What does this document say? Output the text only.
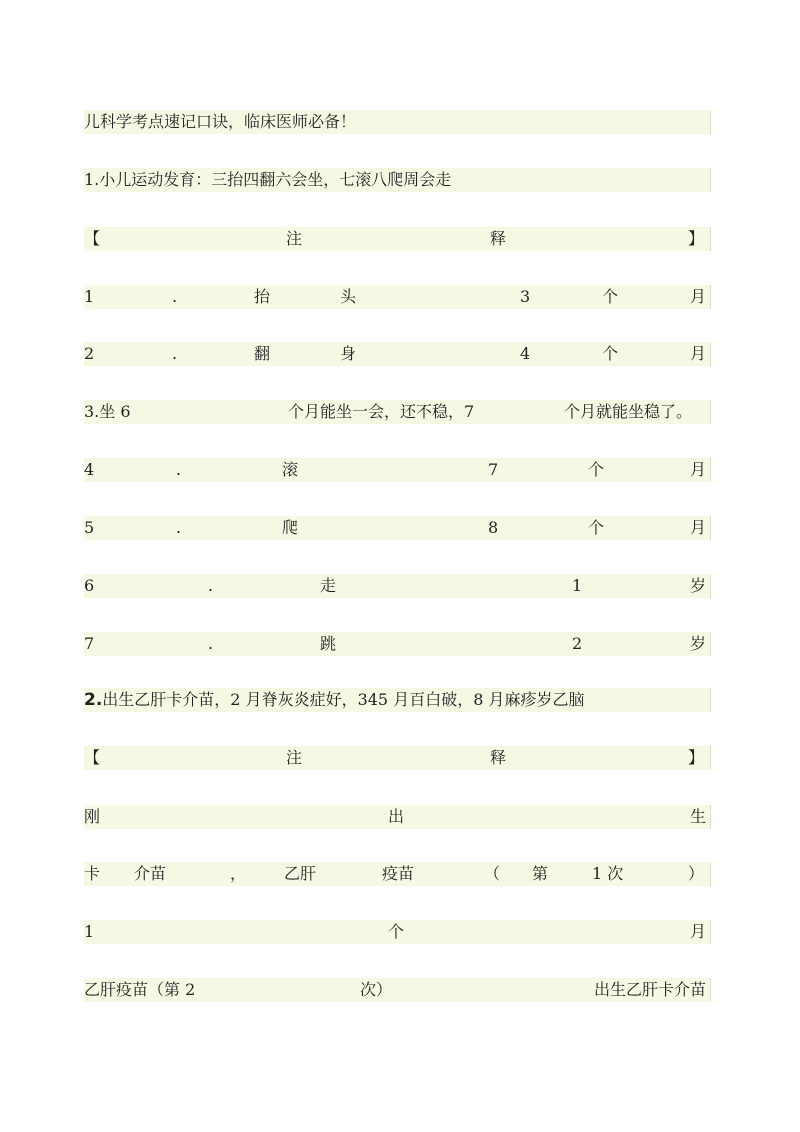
儿科学考点速记口诀，临床医师必备！
1.小儿运动发育：三抬四翻六会坐，七滚八爬周会走
【	注	释	】
1	.	抬	头	3	个	月
2	.	翻	身	4	个	月
3.坐 6	个月能坐一会，还不稳，7	个月就能坐稳了。
4	.	滚	7	个	月
5	.	爬	8	个	月
6	.	走	1	岁
7	.	跳	2	岁
2. 出生乙肝卡介苗，2 月脊灰炎症好，345 月百白破，8 月麻疹岁乙脑
【	注	释	】
刚	出	生
卡 介苗	， 乙肝	疫苗	（ 第	1 次	）
1	个	月
乙肝疫苗（第 2	次）	出生乙肝卡介苗
